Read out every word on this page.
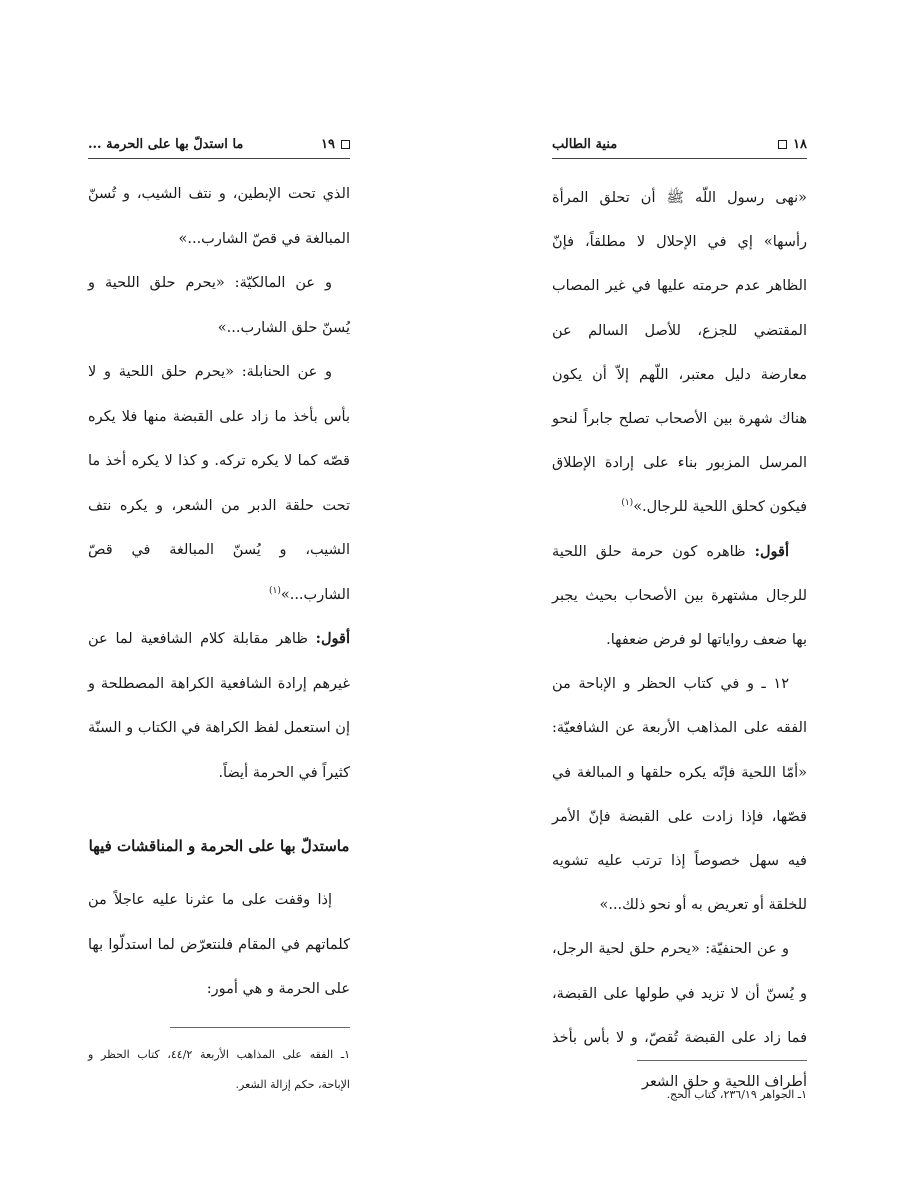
١٩
ما استدلّ بها على الحرمة ...

الذي تحت الإبطين، و نتف الشيب، و تُسنّ المبالغة في قصّ الشارب...»

و عن المالكيّة: «يحرم حلق اللحية و يُسنّ حلق الشارب...»

و عن الحنابلة: «يحرم حلق اللحية و لا بأس بأخذ ما زاد على القبضة منها فلا يكره قصّه كما لا يكره تركه. و كذا لا يكره أخذ ما تحت حلقة الدبر من الشعر، و يكره نتف الشيب، و يُسنّ المبالغة في قصّ الشارب...»$^{(١)}$

أقول: ظاهر مقابلة كلام الشافعية لما عن غيرهم إرادة الشافعية الكراهة المصطلحة و إن استعمل لفظ الكراهة في الكتاب و السنّة كثيراً في الحرمة أيضاً.

ماستدلّ بها على الحرمة و المناقشات فيها

إذا وقفت على ما عثرنا عليه عاجلاً من كلماتهم في المقام فلنتعرّض لما استدلّوا بها على الحرمة و هي أمور:

١ـ الفقه على المذاهب الأربعة ٤٤/٢، كتاب الحظر و الإباحة، حكم إزالة الشعر.
١٨
منية الطالب

«نهى رسول اللّه ﷺ أن تحلق المرأة رأسها» إي في الإحلال لا مطلقاً، فإنّ الظاهر عدم حرمته عليها في غير المصاب المقتضي للجزع، للأصل السالم عن معارضة دليل معتبر، اللّهم إلاّ أن يكون هناك شهرة بين الأصحاب تصلح جابراً لنحو المرسل المزبور بناء على إرادة الإطلاق فيكون كحلق اللحية للرجال.»$^{(١)}$

أقول: ظاهره كون حرمة حلق اللحية للرجال مشتهرة بين الأصحاب بحيث يجبر بها ضعف رواياتها لو فرض ضعفها.

١٢ ـ و في كتاب الحظر و الإباحة من الفقه على المذاهب الأربعة عن الشافعيّة: «أمّا اللحية فإنّه يكره حلقها و المبالغة في قصّها، فإذا زادت على القبضة فإنّ الأمر فيه سهل خصوصاً إذا ترتب عليه تشويه للخلقة أو تعريض به أو نحو ذلك...»

و عن الحنفيّة: «يحرم حلق لحية الرجل، و يُسنّ أن لا تزيد في طولها على القبضة، فما زاد على القبضة تُقصّ، و لا بأس بأخذ أطراف اللحية و حلق الشعر

١ـ الجواهر ٢٣٦/١٩، كتاب الحج.
